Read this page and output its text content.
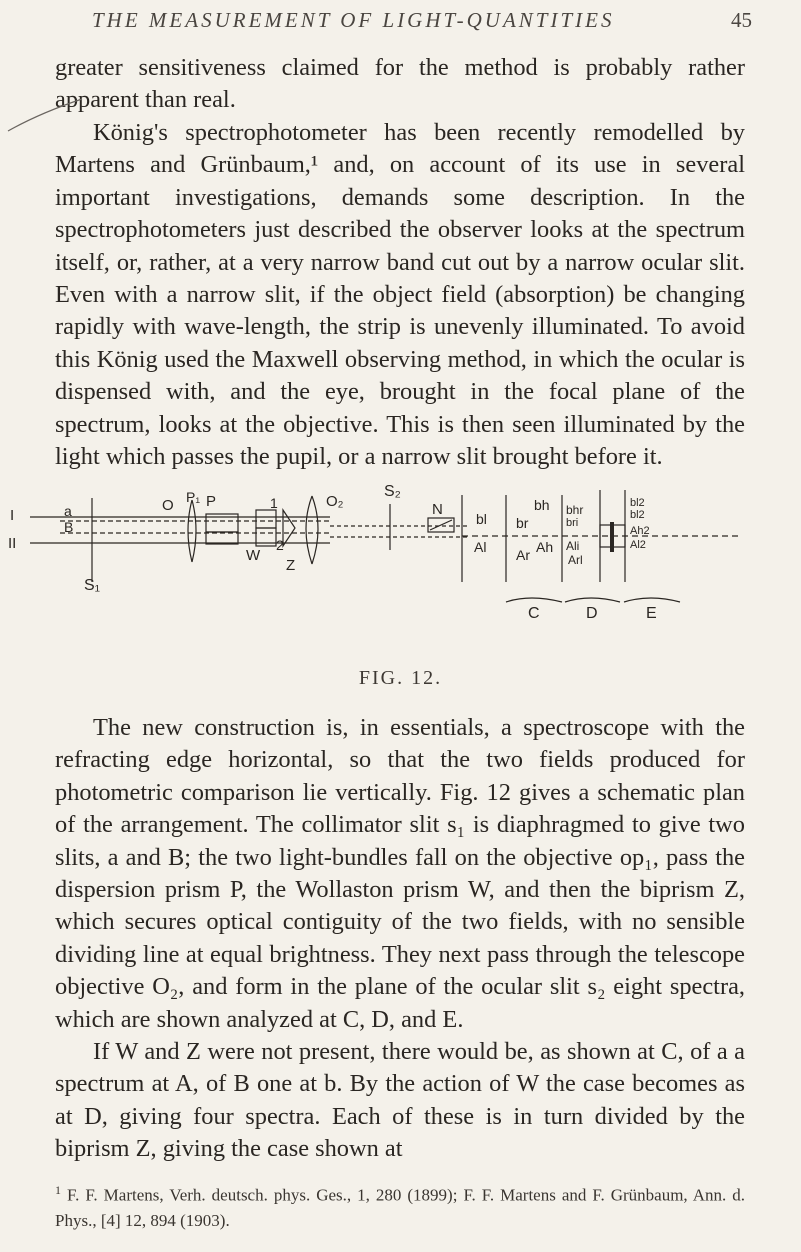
THE MEASUREMENT OF LIGHT-QUANTITIES	45

greater sensitiveness claimed for the method is probably rather apparent than real.

König's spectrophotometer has been recently remodelled by Martens and Grünbaum,¹ and, on account of its use in several important investigations, demands some description. In the spectrophotometers just described the observer looks at the spectrum itself, or, rather, at a very narrow band cut out by a narrow ocular slit. Even with a narrow slit, if the object field (absorption) be changing rapidly with wave-length, the strip is unevenly illuminated. To avoid this König used the Maxwell observing method, in which the ocular is dispensed with, and the eye, brought in the focal plane of the spectrum, looks at the objective. This is then seen illuminated by the light which passes the pupil, or a narrow slit brought before it.

I
II
a
B
S₁
O P₁ P	1
W
2
Z
O₂
S₂
N
bl br
bh
Al Ar Ah
bhr
bri
bl2
bl2
Ali
Arl
Ah2
Al2
C	D	E
FIG. 12.

The new construction is, in essentials, a spectroscope with the refracting edge horizontal, so that the two fields produced for photometric comparison lie vertically. Fig. 12 gives a schematic plan of the arrangement. The collimator slit s₁ is diaphragmed to give two slits, a and B; the two light-bundles fall on the objective op₁, pass the dispersion prism P, the Wollaston prism W, and then the biprism Z, which secures optical contiguity of the two fields, with no sensible dividing line at equal brightness. They next pass through the telescope objective O₂, and form in the plane of the ocular slit s₂ eight spectra, which are shown analyzed at C, D, and E.

If W and Z were not present, there would be, as shown at C, of a a spectrum at A, of B one at b. By the action of W the case becomes as at D, giving four spectra. Each of these is in turn divided by the biprism Z, giving the case shown at

$^1$ F. F. Martens, Verh. deutsch. phys. Ges., 1, 280 (1899); F. F. Martens and F. Grünbaum, Ann. d. Phys., [4] 12, 894 (1903).
